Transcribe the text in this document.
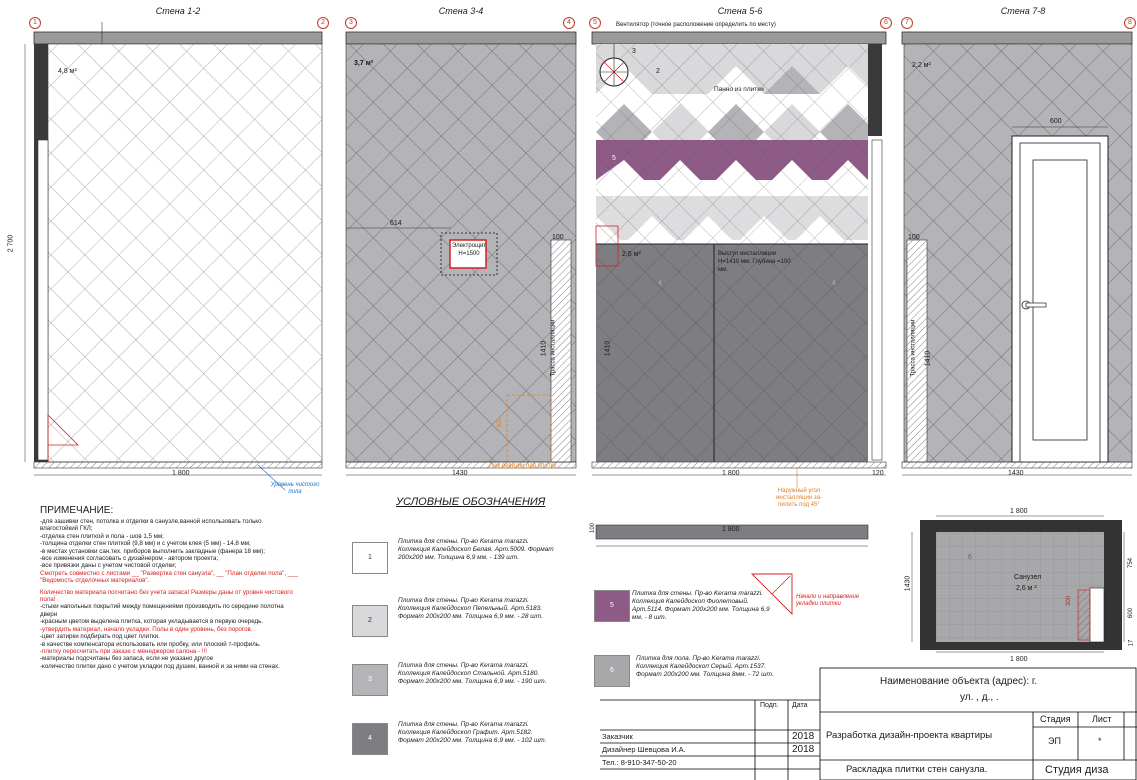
Стена 1-2
1	2
4,8 м²
1 800
2 700
Уровень чистого пола
Стена 3-4
3	4
3,7 м²
Электрощит H=1500
614
100
1410 Трасса инсталляции
Люк ревизии под плитку
300
1430
Стена 5-6
5	6
Вентилятор (точное расположение определить по месту)
Панно из плитки
2,6 м²	Выступ инсталляции H=1410 мм. Глубина =100 мм.
1410
1 800	120
Наружный угол инсталляции за-пилить под 45°
2
5
2
3
4	4
Стена 7-8
7	8
2,2 м²
600
100
1410
Трасса инсталляции
1430
ПРИМЕЧАНИЕ:
-для зашивки стен, потолка и отделки в санузле,ванной использовать только влагостойкий ГКЛ;
-отделка стен плиткой и пола - шов 1,5 мм;
-толщина отделки стен плиткой (9,8 мм) и с учетом клея (5 мм) - 14,8 мм;
-в местах установки сан.тех. приборов выполнить закладные (фанера 18 мм);
-все изменения согласовать с дизайнером - автором проекта;
-все привязки даны с учетом чистовой отделки;
Смотреть совместно с листами __ "Развертка стен санузла", __ "План отделки пола", ___ "Ведомость отделочных материалов".
Количество материала посчитано без учета запаса! Размеры даны от уровня чистового пола!
-стыки напольных покрытий между помещениями производить по середине полотна двери
-красным цветом выделена плитка, которая укладывается в первую очередь.
-утвердить материал, начало укладки. Полы в один уровень, без порогов.
-цвет затирки подбирать под цвет плитки.
-в качестве компенсатора использовать или пробку, или плоский т-профиль.
-плитку пересчитать при заказе с менеджером салона - !!!
-материалы подсчитаны без запаса, если не указано другое
-количество плитки дано с учетом укладки под душем, ванной и за ними на стенах.
УСЛОВНЫЕ ОБОЗНАЧЕНИЯ
1
Плитка для стены. Пр-во Kerama marazzi. Коллекция Калейдоскоп Белая. Арт.5009. Формат 200x200 мм. Толщина 6,9 мм. - 139 шт.
2
Плитка для стены. Пр-во Kerama marazzi. Коллекция Калейдоскоп Пепельный. Арт.5183. Формат 200x200 мм. Толщина 6,9 мм. - 28 шт.
3
Плитка для стены. Пр-во Kerama marazzi. Коллекция Калейдоскоп Стальной. Арт.5180. Формат 200x200 мм. Толщина 6,9 мм. - 190 шт.
4
Плитка для стены. Пр-во Kerama marazzi. Коллекция Калейдоскоп Графит. Арт.5182. Формат 200x200 мм. Толщина 6,9 мм. - 102 шт.
5
Плитка для стены. Пр-во Kerama marazzi. Коллекция Калейдоскоп Фиолетовый. Арт.5114. Формат 200x200 мм. Толщина 6,9 мм. - 8 шт.
6
Плитка для пола. Пр-во Kerama marazzi. Коллекция Калейдоскоп Серый. Арт.1537. Формат 200x200 мм. Толщина 8мм. - 72 шт.
Начало и направление укладки плитки
100	1 800
1 800
1 800
1430	Санузел
2,6 м ²
6
754
600
17
300
Наименование объекта (адрес): г.
ул. , д., .
Подп. Дата
Заказчик	2018
Дизайнер Шевцова И.А.	2018
Тел.: 8-910-347-50-20
Разработка дизайн-проекта квартиры
Стадия Лист
ЭП	*
Раскладка плитки стен санузла.	Студия диза
